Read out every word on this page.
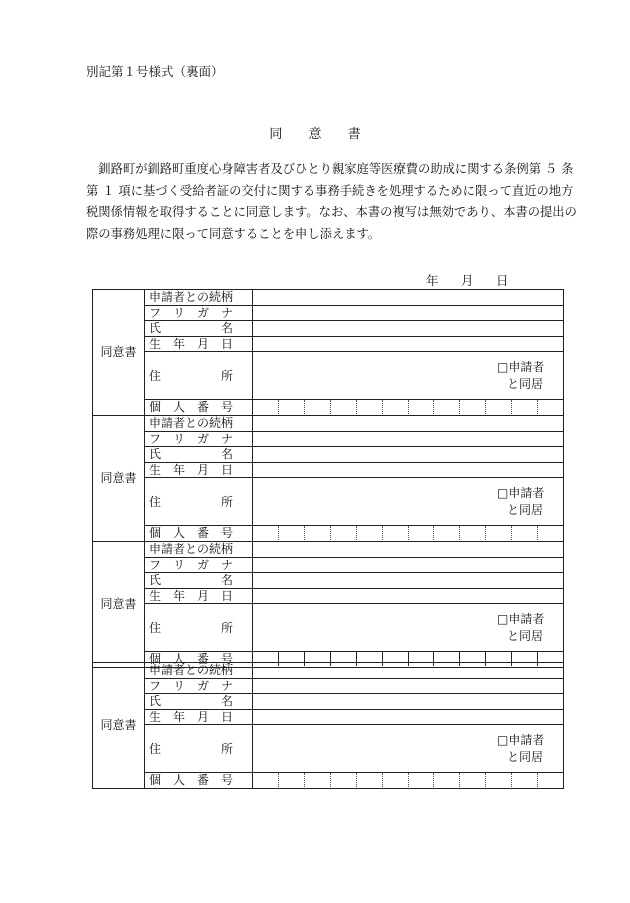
別記第１号様式（裏面）
同 意 書
　釧路町が釧路町重度心身障害者及びひとり親家庭等医療費の助成に関する条例第 ５ 条
第 １ 項に基づく受給者証の交付に関する事務手続きを処理するために限って直近の地方
税関係情報を取得することに同意します。なお、本書の複写は無効であり、本書の提出の
際の事務処理に限って同意することを申し添えます。
年 月 日
同意書	申請者との続柄	
	フ　リ　ガ　ナ	
	氏　　　　　名	
	生　年　月　日	
	住　　　　　所	□申請者
と同居

	個　人　番　号	
同意書	申請者との続柄	
	フ　リ　ガ　ナ	
	氏　　　　　名	
	生　年　月　日	
	住　　　　　所	□申請者
と同居

	個　人　番　号	
同意書	申請者との続柄	
	フ　リ　ガ　ナ	
	氏　　　　　名	
	生　年　月　日	
	住　　　　　所	□申請者
と同居

	個　人　番　号	
同意書	申請者との続柄	
	フ　リ　ガ　ナ	
	氏　　　　　名	
	生　年　月　日	
	住　　　　　所	□申請者
と同居

	個　人　番　号	
